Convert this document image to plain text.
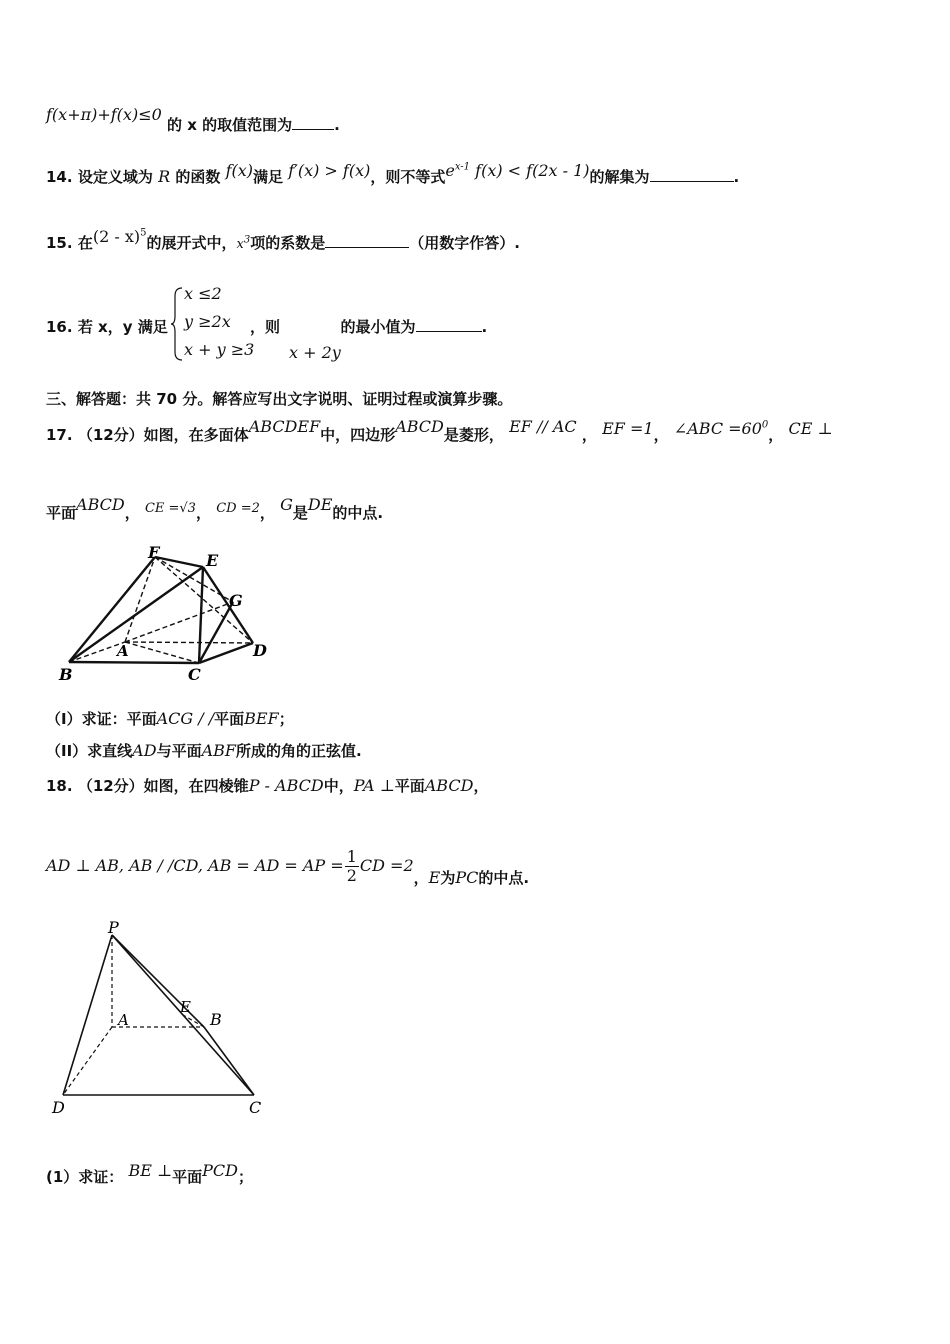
f(x+π)+f(x)≤0 的 x 的取值范围为	.
14. 设定义域为 R 的函数 f(x)满足 f′(x) > f(x)，则不等式$e^{x-1}$ f(x) < f(2x - 1)的解集为	.
15. 在(2 - x)$^5$的展开式中，$x^3$项的系数是	（用数字作答）.
16. 若 x，y 满足
x ≤2
y ≥2x
x + y ≥3
，则	的最小值为	.
x + 2y
三、解答题：共 70 分。解答应写出文字说明、证明过程或演算步骤。
17. （12分）如图，在多面体ABCDEF中，四边形ABCD是菱形， EF // AC ， EF =1， ∠ABC $=60^0$， CE ⊥
平面ABCD， CE =√3， CD =2， G是DE的中点.
F	E
G
A	D
B	C
（Ⅰ）求证：平面ACG / /平面BEF；
（ⅠⅠ）求直线AD与平面ABF所成的角的正弦值.
18. （12分）如图，在四棱锥P - ABCD中，PA ⊥平面ABCD，
AD ⊥ AB, AB / /CD, AB = AD = AP = $\frac{1}{2}$ CD =2，E为PC的中点.
P
A
E
B
D	C
(1）求证： BE ⊥平面PCD；
